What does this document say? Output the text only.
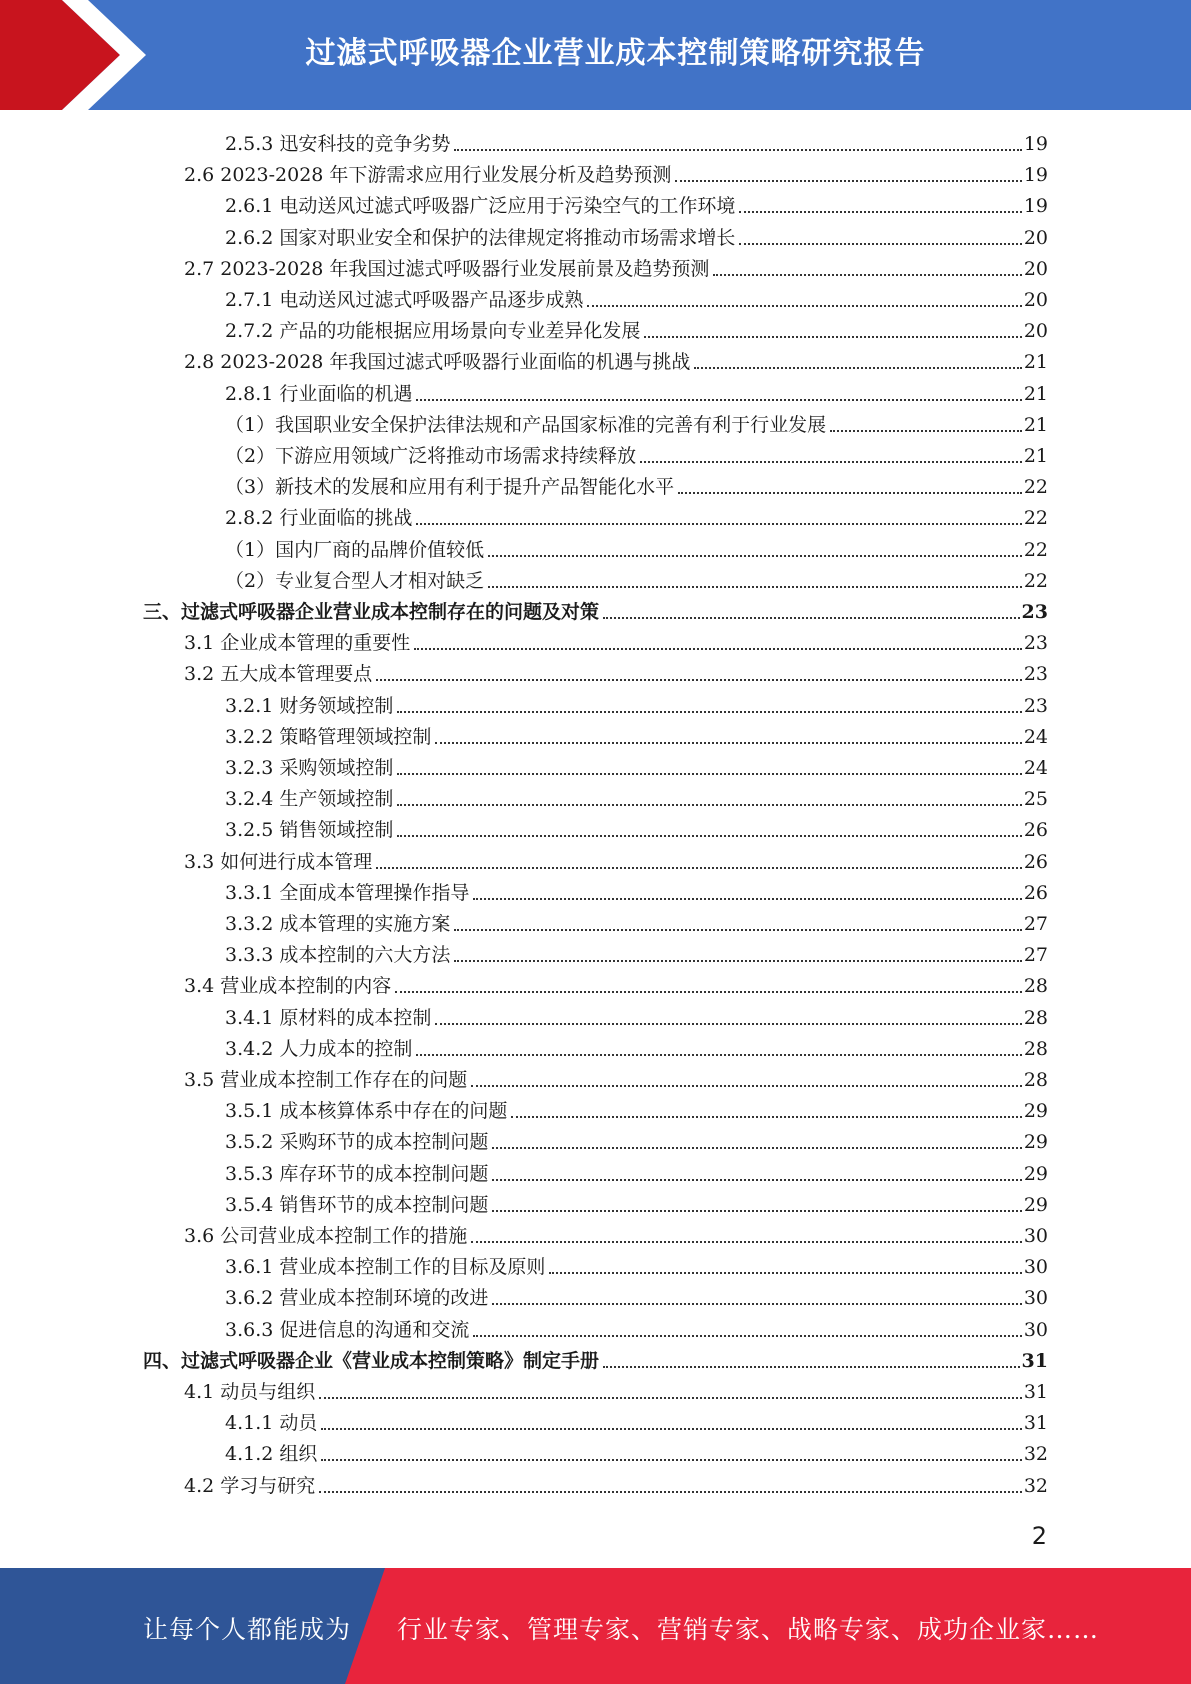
过滤式呼吸器企业营业成本控制策略研究报告
2.5.3 迅安科技的竞争劣势	19
2.6 2023-2028 年下游需求应用行业发展分析及趋势预测	19
2.6.1 电动送风过滤式呼吸器广泛应用于污染空气的工作环境	19
2.6.2 国家对职业安全和保护的法律规定将推动市场需求增长	20
2.7 2023-2028 年我国过滤式呼吸器行业发展前景及趋势预测	20
2.7.1 电动送风过滤式呼吸器产品逐步成熟	20
2.7.2 产品的功能根据应用场景向专业差异化发展	20
2.8 2023-2028 年我国过滤式呼吸器行业面临的机遇与挑战	21
2.8.1 行业面临的机遇	21
（1）我国职业安全保护法律法规和产品国家标准的完善有利于行业发展	21
（2）下游应用领域广泛将推动市场需求持续释放	21
（3）新技术的发展和应用有利于提升产品智能化水平	22
2.8.2 行业面临的挑战	22
（1）国内厂商的品牌价值较低	22
（2）专业复合型人才相对缺乏	22
三、过滤式呼吸器企业营业成本控制存在的问题及对策	23
3.1 企业成本管理的重要性	23
3.2 五大成本管理要点	23
3.2.1 财务领域控制	23
3.2.2 策略管理领域控制	24
3.2.3 采购领域控制	24
3.2.4 生产领域控制	25
3.2.5 销售领域控制	26
3.3 如何进行成本管理	26
3.3.1 全面成本管理操作指导	26
3.3.2 成本管理的实施方案	27
3.3.3 成本控制的六大方法	27
3.4 营业成本控制的内容	28
3.4.1 原材料的成本控制	28
3.4.2 人力成本的控制	28
3.5 营业成本控制工作存在的问题	28
3.5.1 成本核算体系中存在的问题	29
3.5.2 采购环节的成本控制问题	29
3.5.3 库存环节的成本控制问题	29
3.5.4 销售环节的成本控制问题	29
3.6 公司营业成本控制工作的措施	30
3.6.1 营业成本控制工作的目标及原则	30
3.6.2 营业成本控制环境的改进	30
3.6.3 促进信息的沟通和交流	30
四、过滤式呼吸器企业《营业成本控制策略》制定手册	31
4.1 动员与组织	31
4.1.1 动员	31
4.1.2 组织	32
4.2 学习与研究	32
2
让每个人都能成为 行业专家、管理专家、营销专家、战略专家、成功企业家……
